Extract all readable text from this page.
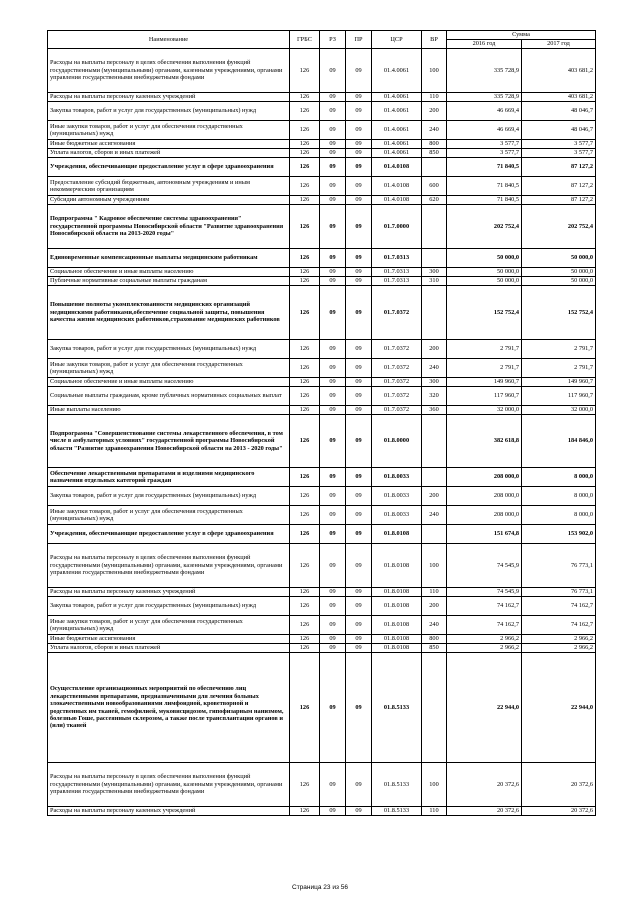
Наименование	ГРБС	РЗ	ПР	ЦСР	ВР	Сумма	
						2016 год	2017 год
Расходы на выплаты персоналу в целях обеспечения выполнения функций государственными (муниципальными) органами, казенными учреждениями, органами управления государственными внебюджетными фондами	126	09	09	01.4.0061	100	335 728,9	403 681,2
Расходы на выплаты персоналу казенных учреждений	126	09	09	01.4.0061	110	335 728,9	403 681,2
Закупка товаров, работ и услуг для государственных (муниципальных) нужд	126	09	09	01.4.0061	200	46 669,4	48 046,7
Иные закупки товаров, работ и услуг для обеспечения государственных (муниципальных) нужд	126	09	09	01.4.0061	240	46 669,4	48 046,7
Иные бюджетные ассигнования	126	09	09	01.4.0061	800	3 577,7	3 577,7
Уплата налогов, сборов и иных платежей	126	09	09	01.4.0061	850	3 577,7	3 577,7
Учреждения, обеспечивающие предоставление услуг в сфере здравоохранения	126	09	09	01.4.0108		71 840,5	87 127,2
Предоставление субсидий бюджетным, автономным учреждениям и иным некоммерческим организациям	126	09	09	01.4.0108	600	71 840,5	87 127,2
Субсидии автономным учреждениям	126	09	09	01.4.0108	620	71 840,5	87 127,2
Подпрограмма " Кадровое обеспечение системы здравоохранения" государственной программы Новосибирской области "Развитие здравоохранения Новосибирской области на 2013-2020 годы"	126	09	09	01.7.0000		202 752,4	202 752,4
Единовременные компенсационные выплаты медицинским работникам	126	09	09	01.7.0313		50 000,0	50 000,0
Социальное обеспечение и иные выплаты населению	126	09	09	01.7.0313	300	50 000,0	50 000,0
Публичные нормативные социальные выплаты гражданам	126	09	09	01.7.0313	310	50 000,0	50 000,0
Повышение полноты укомплектованности медицинских организаций медицинскими работниками,обеспечение социальной защиты, повышения качества жизни медицинских работников,страхование медицинских работников	126	09	09	01.7.0372		152 752,4	152 752,4
Закупка товаров, работ и услуг для государственных (муниципальных) нужд	126	09	09	01.7.0372	200	2 791,7	2 791,7
Иные закупки товаров, работ и услуг для обеспечения государственных (муниципальных) нужд	126	09	09	01.7.0372	240	2 791,7	2 791,7
Социальное обеспечение и иные выплаты населению	126	09	09	01.7.0372	300	149 960,7	149 960,7
Социальные выплаты гражданам, кроме публичных нормативных социальных выплат	126	09	09	01.7.0372	320	117 960,7	117 960,7
Иные выплаты населению	126	09	09	01.7.0372	360	32 000,0	32 000,0
Подпрограмма "Совершенствование системы лекарственного обеспечения, в том числе в амбулаторных условиях" государственной программы Новосибирской области "Развитие здравоохранения Новосибирской области на 2013 - 2020 годы"	126	09	09	01.8.0000		382 618,8	184 846,0
Обеспечение лекарственными препаратами и изделиями медицинского назначения отдельных категорий граждан	126	09	09	01.8.0033		208 000,0	8 000,0
Закупка товаров, работ и услуг для государственных (муниципальных) нужд	126	09	09	01.8.0033	200	208 000,0	8 000,0
Иные закупки товаров, работ и услуг для обеспечения государственных (муниципальных) нужд	126	09	09	01.8.0033	240	208 000,0	8 000,0
Учреждения, обеспечивающие предоставление услуг в сфере здравоохранения	126	09	09	01.8.0108		151 674,8	153 902,0
Расходы на выплаты персоналу в целях обеспечения выполнения функций государственными (муниципальными) органами, казенными учреждениями, органами управления государственными внебюджетными фондами	126	09	09	01.8.0108	100	74 545,9	76 773,1
Расходы на выплаты персоналу казенных учреждений	126	09	09	01.8.0108	110	74 545,9	76 773,1
Закупка товаров, работ и услуг для государственных (муниципальных) нужд	126	09	09	01.8.0108	200	74 162,7	74 162,7
Иные закупки товаров, работ и услуг для обеспечения государственных (муниципальных) нужд	126	09	09	01.8.0108	240	74 162,7	74 162,7
Иные бюджетные ассигнования	126	09	09	01.8.0108	800	2 966,2	2 966,2
Уплата налогов, сборов и иных платежей	126	09	09	01.8.0108	850	2 966,2	2 966,2
Осуществление организационных мероприятий по обеспечению лиц лекарственными препаратами, предназначенными для лечения больных злокачественными новообразованиями лимфоидной, кроветворной и родственных им тканей, гемофилией, муковисцидозом, гипофизарным нанизмом, болезнью Гоше, рассеянным склерозом, а также после трансплантации органов и (или) тканей	126	09	09	01.8.5133		22 944,0	22 944,0
Расходы на выплаты персоналу в целях обеспечения выполнения функций государственными (муниципальными) органами, казенными учреждениями, органами управления государственными внебюджетными фондами	126	09	09	01.8.5133	100	20 372,6	20 372,6
Расходы на выплаты персоналу казенных учреждений	126	09	09	01.8.5133	110	20 372,6	20 372,6
Страница 23 из 56
